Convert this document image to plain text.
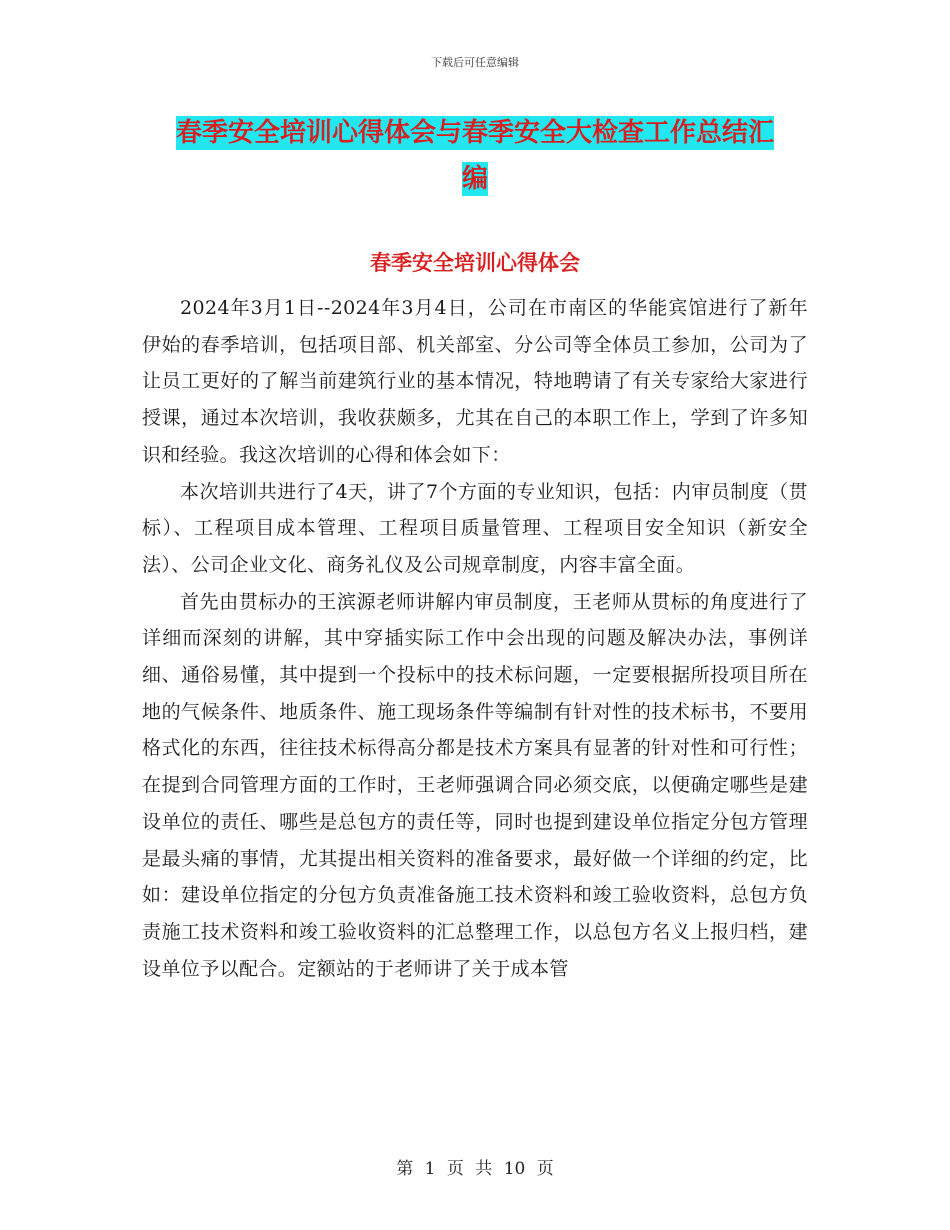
下载后可任意编辑
春季安全培训心得体会与春季安全大检查工作总结汇
编
春季安全培训心得体会

2024年3月1日--2024年3月4日，公司在市南区的华能宾馆进行了新年伊始的春季培训，包括项目部、机关部室、分公司等全体员工参加，公司为了让员工更好的了解当前建筑行业的基本情况，特地聘请了有关专家给大家进行授课，通过本次培训，我收获颇多，尤其在自己的本职工作上，学到了许多知识和经验。我这次培训的心得和体会如下：

本次培训共进行了4天，讲了7个方面的专业知识，包括：内审员制度（贯标）、工程项目成本管理、工程项目质量管理、工程项目安全知识（新安全法）、公司企业文化、商务礼仪及公司规章制度，内容丰富全面。

首先由贯标办的王滨源老师讲解内审员制度，王老师从贯标的角度进行了详细而深刻的讲解，其中穿插实际工作中会出现的问题及解决办法，事例详细、通俗易懂，其中提到一个投标中的技术标问题，一定要根据所投项目所在地的气候条件、地质条件、施工现场条件等编制有针对性的技术标书，不要用格式化的东西，往往技术标得高分都是技术方案具有显著的针对性和可行性；在提到合同管理方面的工作时，王老师强调合同必须交底，以便确定哪些是建设单位的责任、哪些是总包方的责任等，同时也提到建设单位指定分包方管理是最头痛的事情，尤其提出相关资料的准备要求，最好做一个详细的约定，比如：建设单位指定的分包方负责准备施工技术资料和竣工验收资料，总包方负责施工技术资料和竣工验收资料的汇总整理工作，以总包方名义上报归档，建设单位予以配合。定额站的于老师讲了关于成本管

第 1 页 共 10 页
